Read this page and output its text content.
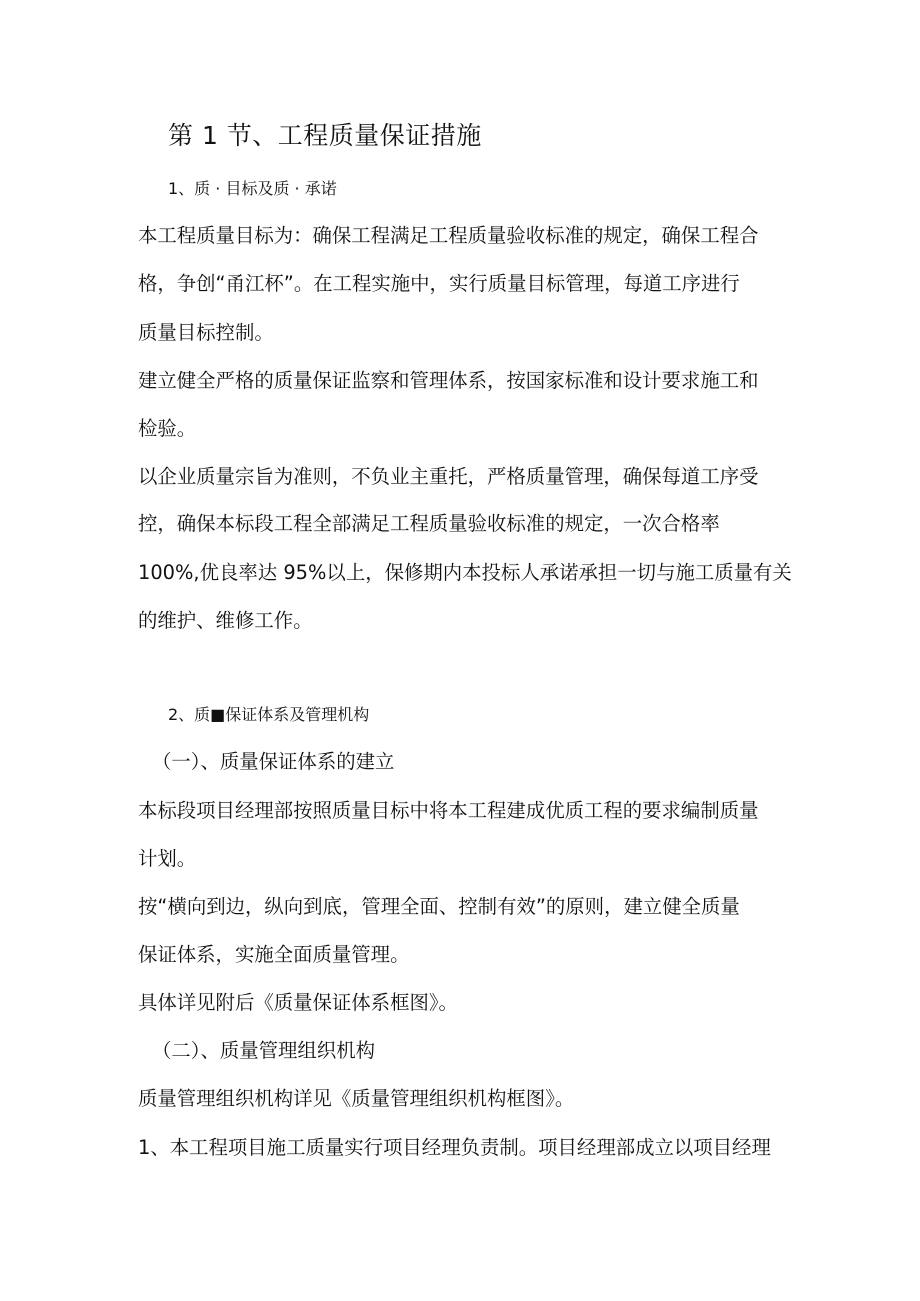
第 1 节、工程质量保证措施
1、质 · 目标及质 · 承诺
本工程质量目标为：确保工程满足工程质量验收标准的规定，确保工程合
格，争创“甬江杯”。在工程实施中，实行质量目标管理，每道工序进行
质量目标控制。
建立健全严格的质量保证监察和管理体系，按国家标准和设计要求施工和
检验。
以企业质量宗旨为准则，不负业主重托，严格质量管理，确保每道工序受
控，确保本标段工程全部满足工程质量验收标准的规定，一次合格率
100%,优良率达 95%以上，保修期内本投标人承诺承担一切与施工质量有关
的维护、维修工作。
2、质■保证体系及管理机构
（一）、质量保证体系的建立
本标段项目经理部按照质量目标中将本工程建成优质工程的要求编制质量
计划。
按“横向到边，纵向到底，管理全面、控制有效”的原则，建立健全质量
保证体系，实施全面质量管理。
具体详见附后《质量保证体系框图》。
（二）、质量管理组织机构
质量管理组织机构详见《质量管理组织机构框图》。
1、本工程项目施工质量实行项目经理负责制。项目经理部成立以项目经理
